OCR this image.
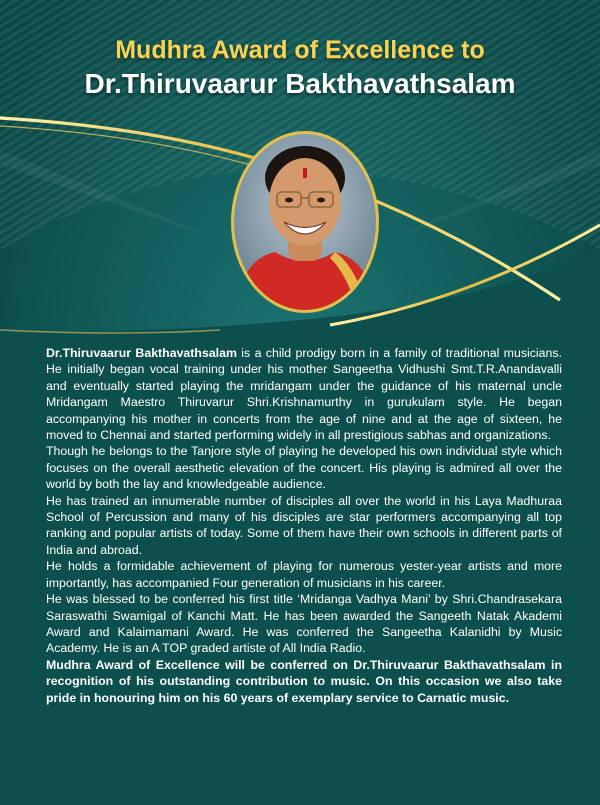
Mudhra Award of Excellence to
Dr.Thiruvaarur Bakthavathsalam

Dr.Thiruvaarur Bakthavathsalam is a child prodigy born in a family of traditional musicians. He initially began vocal training under his mother Sangeetha Vidhushi Smt.T.R.Anandavalli and eventually started playing the mridangam under the guidance of his maternal uncle Mridangam Maestro Thiruvarur Shri.Krishnamurthy in gurukulam style. He began accompanying his mother in concerts from the age of nine and at the age of sixteen, he moved to Chennai and started performing widely in all prestigious sabhas and organizations.

Though he belongs to the Tanjore style of playing he developed his own individual style which focuses on the overall aesthetic elevation of the concert. His playing is admired all over the world by both the lay and knowledgeable audience.

He has trained an innumerable number of disciples all over the world in his Laya Madhuraa School of Percussion and many of his disciples are star performers accompanying all top ranking and popular artists of today. Some of them have their own schools in different parts of India and abroad.

He holds a formidable achievement of playing for numerous yester-year artists and more importantly, has accompanied Four generation of musicians in his career.

He was blessed to be conferred his first title ‘Mridanga Vadhya Mani’ by Shri.Chandrasekara Saraswathi Swamigal of Kanchi Matt. He has been awarded the Sangeeth Natak Akademi Award and Kalaimamani Award. He was conferred the Sangeetha Kalanidhi by Music Academy. He is an A TOP graded artiste of All India Radio.

Mudhra Award of Excellence will be conferred on Dr.Thiruvaarur Bakthavathsalam in recognition of his outstanding contribution to music. On this occasion we also take pride in honouring him on his 60 years of exemplary service to Carnatic music.
